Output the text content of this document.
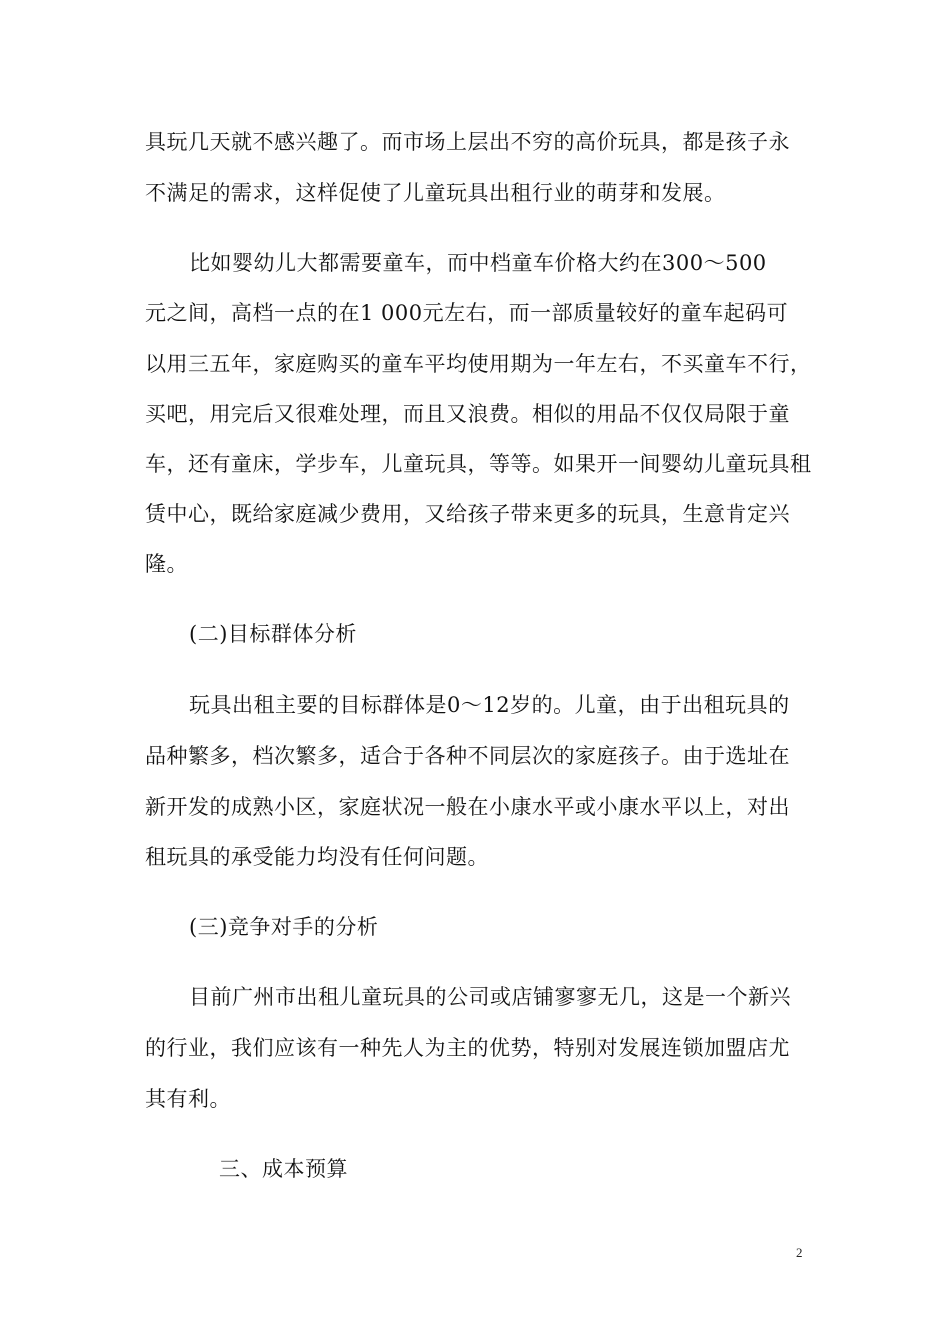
具玩几天就不感兴趣了。而市场上层出不穷的高价玩具，都是孩子永
不满足的需求，这样促使了儿童玩具出租行业的萌芽和发展。
比如婴幼儿大都需要童车，而中档童车价格大约在300～500
元之间，高档一点的在1 000元左右，而一部质量较好的童车起码可
以用三五年，家庭购买的童车平均使用期为一年左右，不买童车不行，
买吧，用完后又很难处理，而且又浪费。相似的用品不仅仅局限于童
车，还有童床，学步车，儿童玩具，等等。如果开一间婴幼儿童玩具租
赁中心，既给家庭减少费用，又给孩子带来更多的玩具，生意肯定兴
隆。
(二)目标群体分析
玩具出租主要的目标群体是0～12岁的。儿童，由于出租玩具的
品种繁多，档次繁多，适合于各种不同层次的家庭孩子。由于选址在
新开发的成熟小区，家庭状况一般在小康水平或小康水平以上，对出
租玩具的承受能力均没有任何问题。
(三)竞争对手的分析
目前广州市出租儿童玩具的公司或店铺寥寥无几，这是一个新兴
的行业，我们应该有一种先人为主的优势，特别对发展连锁加盟店尤
其有利。
三、成本预算
2
